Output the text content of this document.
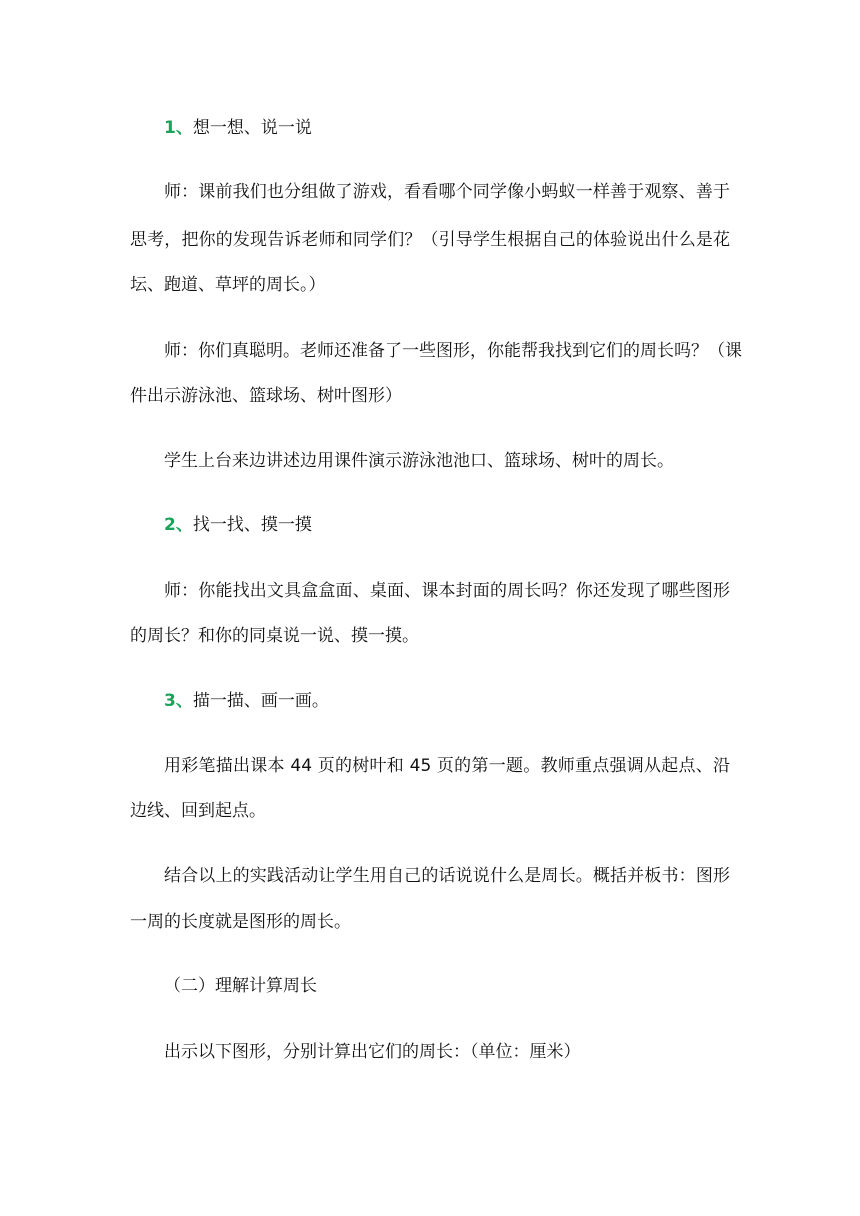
1、想一想、说一说
师：课前我们也分组做了游戏，看看哪个同学像小蚂蚁一样善于观察、善于
思考，把你的发现告诉老师和同学们？（引导学生根据自己的体验说出什么是花
坛、跑道、草坪的周长。）
师：你们真聪明。老师还准备了一些图形，你能帮我找到它们的周长吗？（课
件出示游泳池、篮球场、树叶图形）
学生上台来边讲述边用课件演示游泳池池口、篮球场、树叶的周长。
2、找一找、摸一摸
师：你能找出文具盒盒面、桌面、课本封面的周长吗？你还发现了哪些图形
的周长？和你的同桌说一说、摸一摸。
3、描一描、画一画。
用彩笔描出课本 44 页的树叶和 45 页的第一题。教师重点强调从起点、沿
边线、回到起点。
结合以上的实践活动让学生用自己的话说说什么是周长。概括并板书：图形
一周的长度就是图形的周长。
（二）理解计算周长
出示以下图形，分别计算出它们的周长：（单位：厘米）
